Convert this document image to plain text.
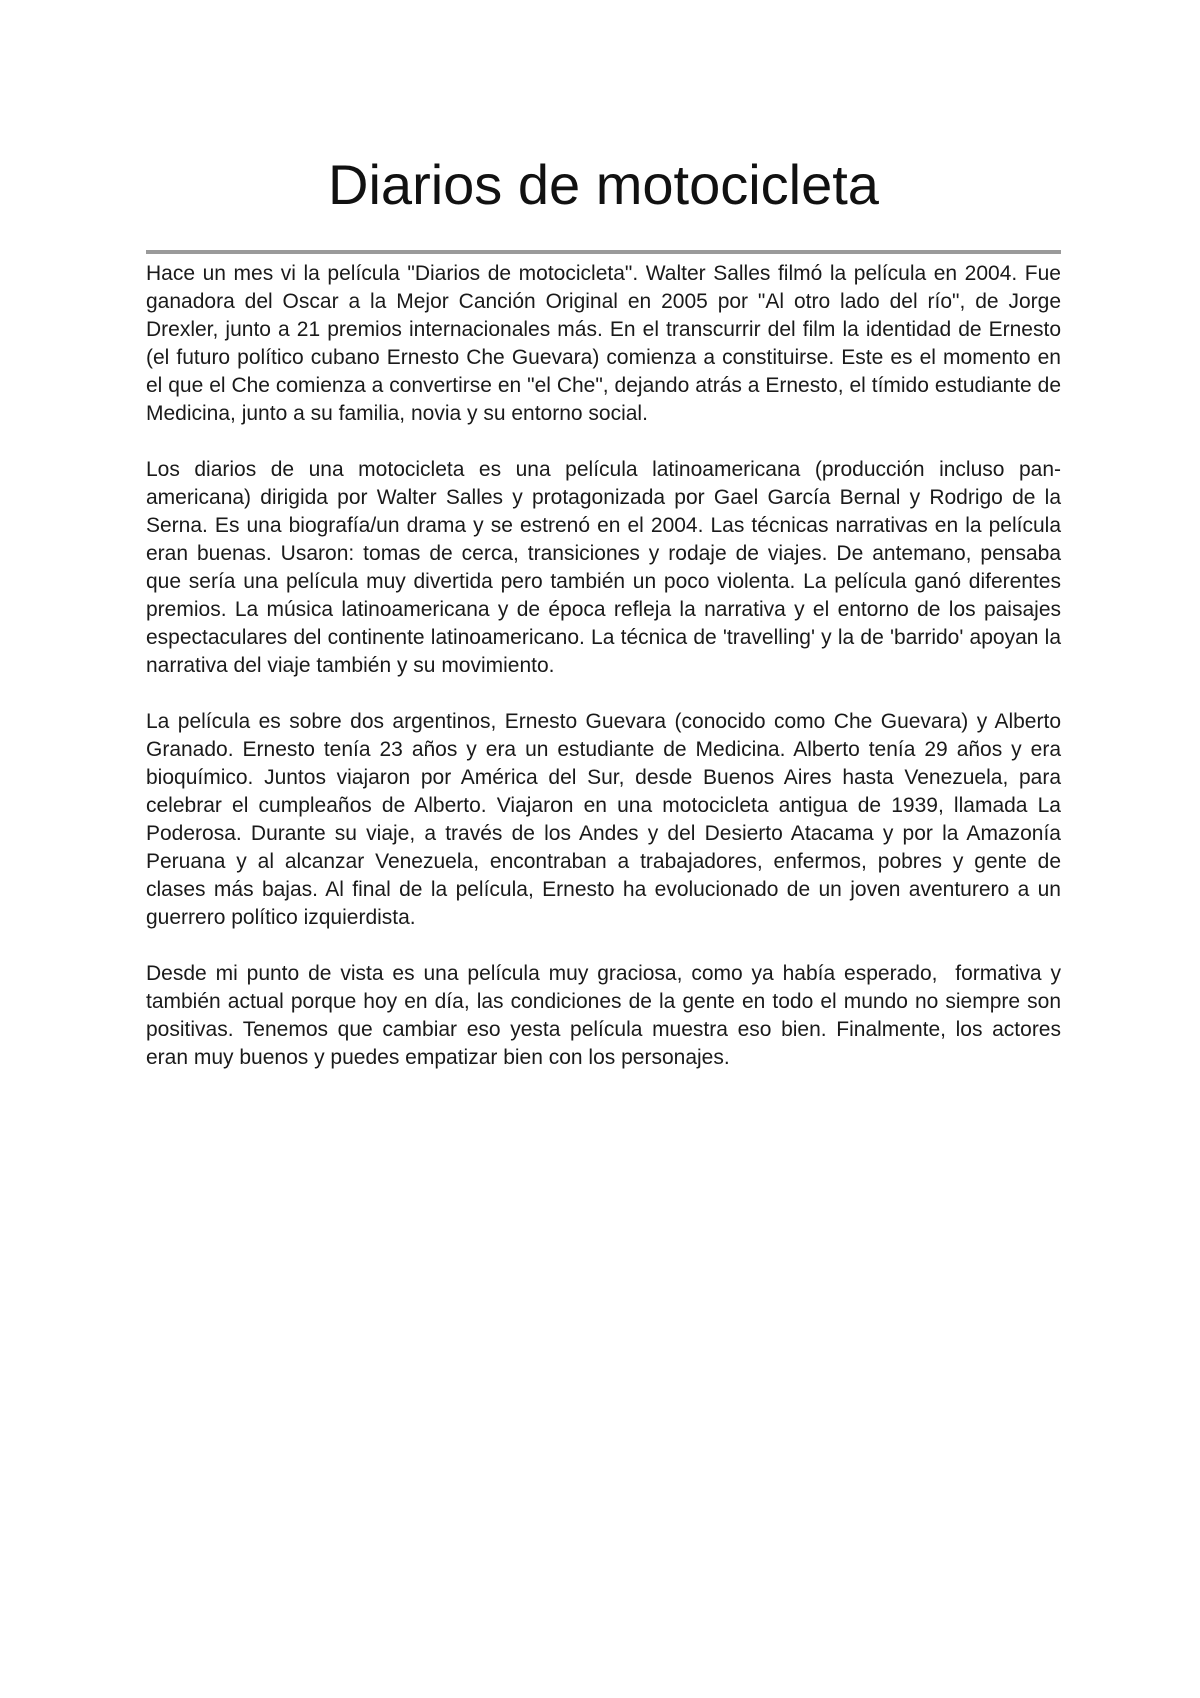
Diarios de motocicleta

Hace un mes vi la película "Diarios de motocicleta". Walter Salles filmó la película en 2004. Fue ganadora del Oscar a la Mejor Canción Original en 2005 por "Al otro lado del río", de Jorge Drexler, junto a 21 premios internacionales más. En el transcurrir del film la identidad de Ernesto (el futuro político cubano Ernesto Che Guevara) comienza a constituirse. Este es el momento en el que el Che comienza a convertirse en "el Che", dejando atrás a Ernesto, el tímido estudiante de Medicina, junto a su familia, novia y su entorno social.

Los diarios de una motocicleta es una película latinoamericana (producción incluso pan-americana) dirigida por Walter Salles y protagonizada por Gael García Bernal y Rodrigo de la Serna. Es una biografía/un drama y se estrenó en el 2004. Las técnicas narrativas en la película eran buenas. Usaron: tomas de cerca, transiciones y rodaje de viajes. De antemano, pensaba que sería una película muy divertida pero también un poco violenta. La película ganó diferentes premios. La música latinoamericana y de época refleja la narrativa y el entorno de los paisajes espectaculares del continente latinoamericano. La técnica de 'travelling' y la de 'barrido' apoyan la narrativa del viaje también y su movimiento.

La película es sobre dos argentinos, Ernesto Guevara (conocido como Che Guevara) y Alberto Granado. Ernesto tenía 23 años y era un estudiante de Medicina. Alberto tenía 29 años y era  bioquímico. Juntos viajaron por América del Sur, desde Buenos Aires hasta Venezuela, para celebrar el cumpleaños de Alberto. Viajaron en una motocicleta antigua de 1939, llamada La Poderosa. Durante su viaje, a través de los Andes y del Desierto Atacama y por la Amazonía Peruana y al alcanzar Venezuela, encontraban a trabajadores, enfermos, pobres y gente de clases más bajas. Al final de la película, Ernesto ha evolucionado de un joven aventurero a un guerrero político izquierdista.

Desde mi punto de vista es una película muy graciosa, como ya había esperado,  formativa y también actual porque hoy en día, las condiciones de la gente en todo el mundo no siempre son positivas. Tenemos que cambiar eso yesta película muestra eso bien. Finalmente, los actores eran muy buenos y puedes empatizar bien con los personajes.
